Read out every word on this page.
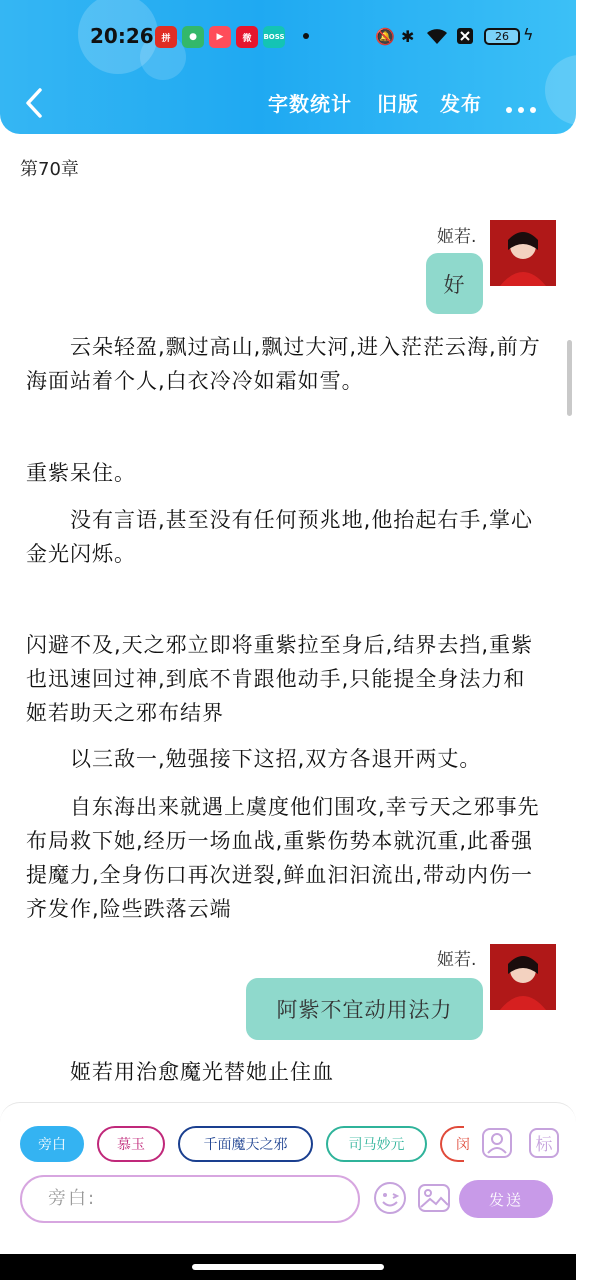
20:26 拼	●	▶	微	BOSS	🔕 ✱	26 ϟ
字数统计 旧版 发布
第70章
姬若.
好
　　云朵轻盈,飘过高山,飘过大河,进入茫茫云海,前方海面站着个人,白衣冷冷如霜如雪。
重紫呆住。
　　没有言语,甚至没有任何预兆地,他抬起右手,掌心金光闪烁。
闪避不及,天之邪立即将重紫拉至身后,结界去挡,重紫也迅速回过神,到底不肯跟他动手,只能提全身法力和姬若助天之邪布结界
　　以三敌一,勉强接下这招,双方各退开两丈。
　　自东海出来就遇上虞度他们围攻,幸亏天之邪事先布局救下她,经历一场血战,重紫伤势本就沉重,此番强提魔力,全身伤口再次迸裂,鲜血汩汩流出,带动内伤一齐发作,险些跌落云端
姬若.
阿紫不宜动用法力
　　姬若用治愈魔光替她止住血
旁白	慕玉	千面魔天之邪	司马妙元	闵	标
旁白:	发送
